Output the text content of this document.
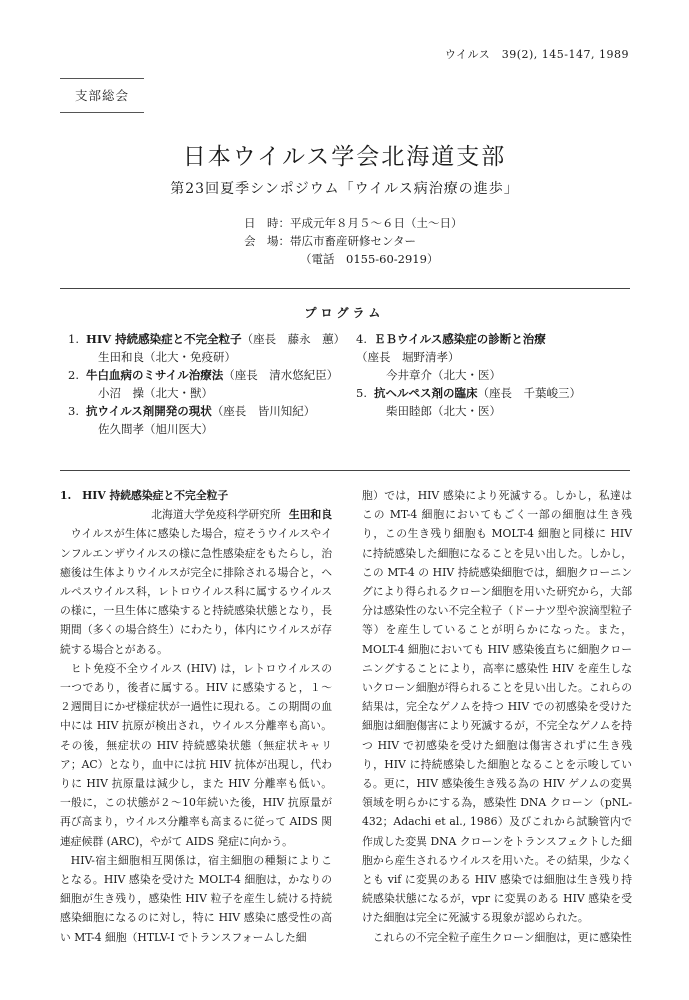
ウイルス　39(2), 145-147, 1989
支部総会
日本ウイルス学会北海道支部
第23回夏季シンポジウム「ウイルス病治療の進歩」
日　時：平成元年８月５～６日（土～日）
会　場：帯広市畜産研修センター
（電話　0155-60-2919）
プログラム
1. HIV 持続感染症と不完全粒子（座長　藤永　蕙）
生田和良（北大・免疫研）
2. 牛白血病のミサイル治療法（座長　清水悠紀臣）
小沼　操（北大・獣）
3. 抗ウイルス剤開発の現状（座長　皆川知紀）
佐久間孝（旭川医大）
4. ＥＢウイルス感染症の診断と治療（座長　堀野清孝）
今井章介（北大・医）
5. 抗ヘルペス剤の臨床（座長　千葉峻三）
柴田睦郎（北大・医）
1.　HIV 持続感染症と不完全粒子
北海道大学免疫科学研究所 生田和良

ウイルスが生体に感染した場合，痘そうウイルスやインフルエンザウイルスの様に急性感染症をもたらし，治癒後は生体よりウイルスが完全に排除される場合と，ヘルペスウイルス科，レトロウイルス科に属するウイルスの様に，一旦生体に感染すると持続感染状態となり，長期間（多くの場合終生）にわたり，体内にウイルスが存続する場合とがある。

ヒト免疫不全ウイルス (HIV) は，レトロウイルスの一つであり，後者に属する。HIV に感染すると，１～２週間目にかぜ様症状が一過性に現れる。この期間の血中には HIV 抗原が検出され，ウイルス分離率も高い。その後，無症状の HIV 持続感染状態（無症状キャリア；AC）となり，血中には抗 HIV 抗体が出現し，代わりに HIV 抗原量は減少し，また HIV 分離率も低い。一般に，この状態が２～10年続いた後，HIV 抗原量が再び高まり，ウイルス分離率も高まるに従って AIDS 関連症候群 (ARC)，やがて AIDS 発症に向かう。

HIV-宿主細胞相互関係は，宿主細胞の種類によりことなる。HIV 感染を受けた MOLT-4 細胞は，かなりの細胞が生き残り，感染性 HIV 粒子を産生し続ける持続感染細胞になるのに対し，特に HIV 感染に感受性の高い MT-4 細胞（HTLV-I でトランスフォームした細

胞）では，HIV 感染により死滅する。しかし，私達はこの MT-4 細胞においてもごく一部の細胞は生き残り，この生き残り細胞も MOLT-4 細胞と同様に HIV に持続感染した細胞になることを見い出した。しかし，この MT-4 の HIV 持続感染細胞では，細胞クローニングにより得られるクローン細胞を用いた研究から，大部分は感染性のない不完全粒子（ドーナツ型や涙滴型粒子等）を産生していることが明らかになった。また，MOLT-4 細胞においても HIV 感染後直ちに細胞クローニングすることにより，高率に感染性 HIV を産生しないクローン細胞が得られることを見い出した。これらの結果は，完全なゲノムを持つ HIV での初感染を受けた細胞は細胞傷害により死滅するが，不完全なゲノムを持つ HIV で初感染を受けた細胞は傷害されずに生き残り，HIV に持続感染した細胞となることを示唆している。更に，HIV 感染後生き残る為の HIV ゲノムの変異領域を明らかにする為，感染性 DNA クローン（pNL-432；Adachi et al., 1986）及びこれから試験管内で作成した変異 DNA クローンをトランスフェクトした細胞から産生されるウイルスを用いた。その結果，少なくとも vif に変異のある HIV 感染では細胞は生き残り持続感染状態になるが，vpr に変異のある HIV 感染を受けた細胞は完全に死滅する現象が認められた。

これらの不完全粒子産生クローン細胞は，更に感染性
